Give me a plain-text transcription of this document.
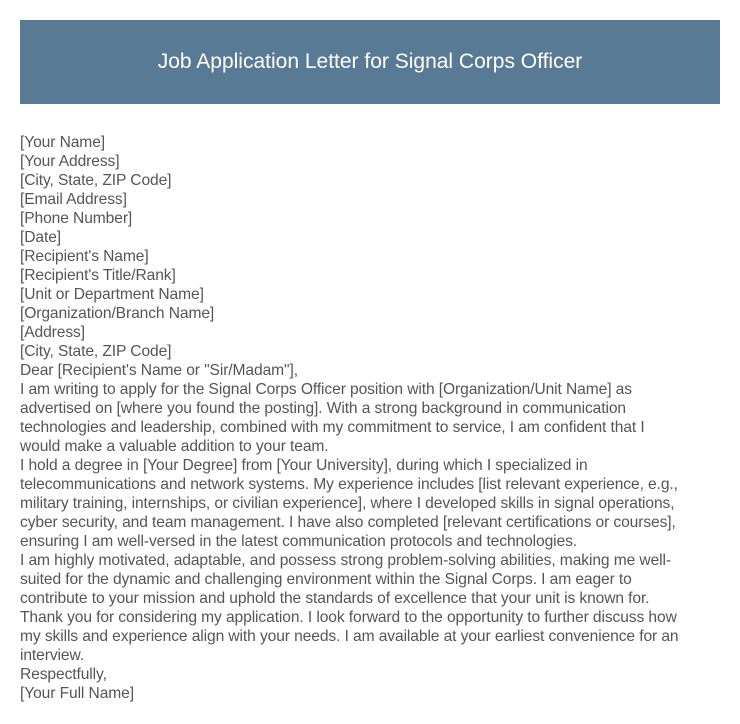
Job Application Letter for Signal Corps Officer
[Your Name]
[Your Address]
[City, State, ZIP Code]
[Email Address]
[Phone Number]
[Date]
[Recipient's Name]
[Recipient's Title/Rank]
[Unit or Department Name]
[Organization/Branch Name]
[Address]
[City, State, ZIP Code]
Dear [Recipient's Name or "Sir/Madam"],

I am writing to apply for the Signal Corps Officer position with [Organization/Unit Name] as
advertised on [where you found the posting]. With a strong background in communication
technologies and leadership, combined with my commitment to service, I am confident that I
would make a valuable addition to your team.

I hold a degree in [Your Degree] from [Your University], during which I specialized in
telecommunications and network systems. My experience includes [list relevant experience, e.g.,
military training, internships, or civilian experience], where I developed skills in signal operations,
cyber security, and team management. I have also completed [relevant certifications or courses],
ensuring I am well-versed in the latest communication protocols and technologies.

I am highly motivated, adaptable, and possess strong problem-solving abilities, making me well-
suited for the dynamic and challenging environment within the Signal Corps. I am eager to
contribute to your mission and uphold the standards of excellence that your unit is known for.

Thank you for considering my application. I look forward to the opportunity to further discuss how
my skills and experience align with your needs. I am available at your earliest convenience for an
interview.

Respectfully,
[Your Full Name]
